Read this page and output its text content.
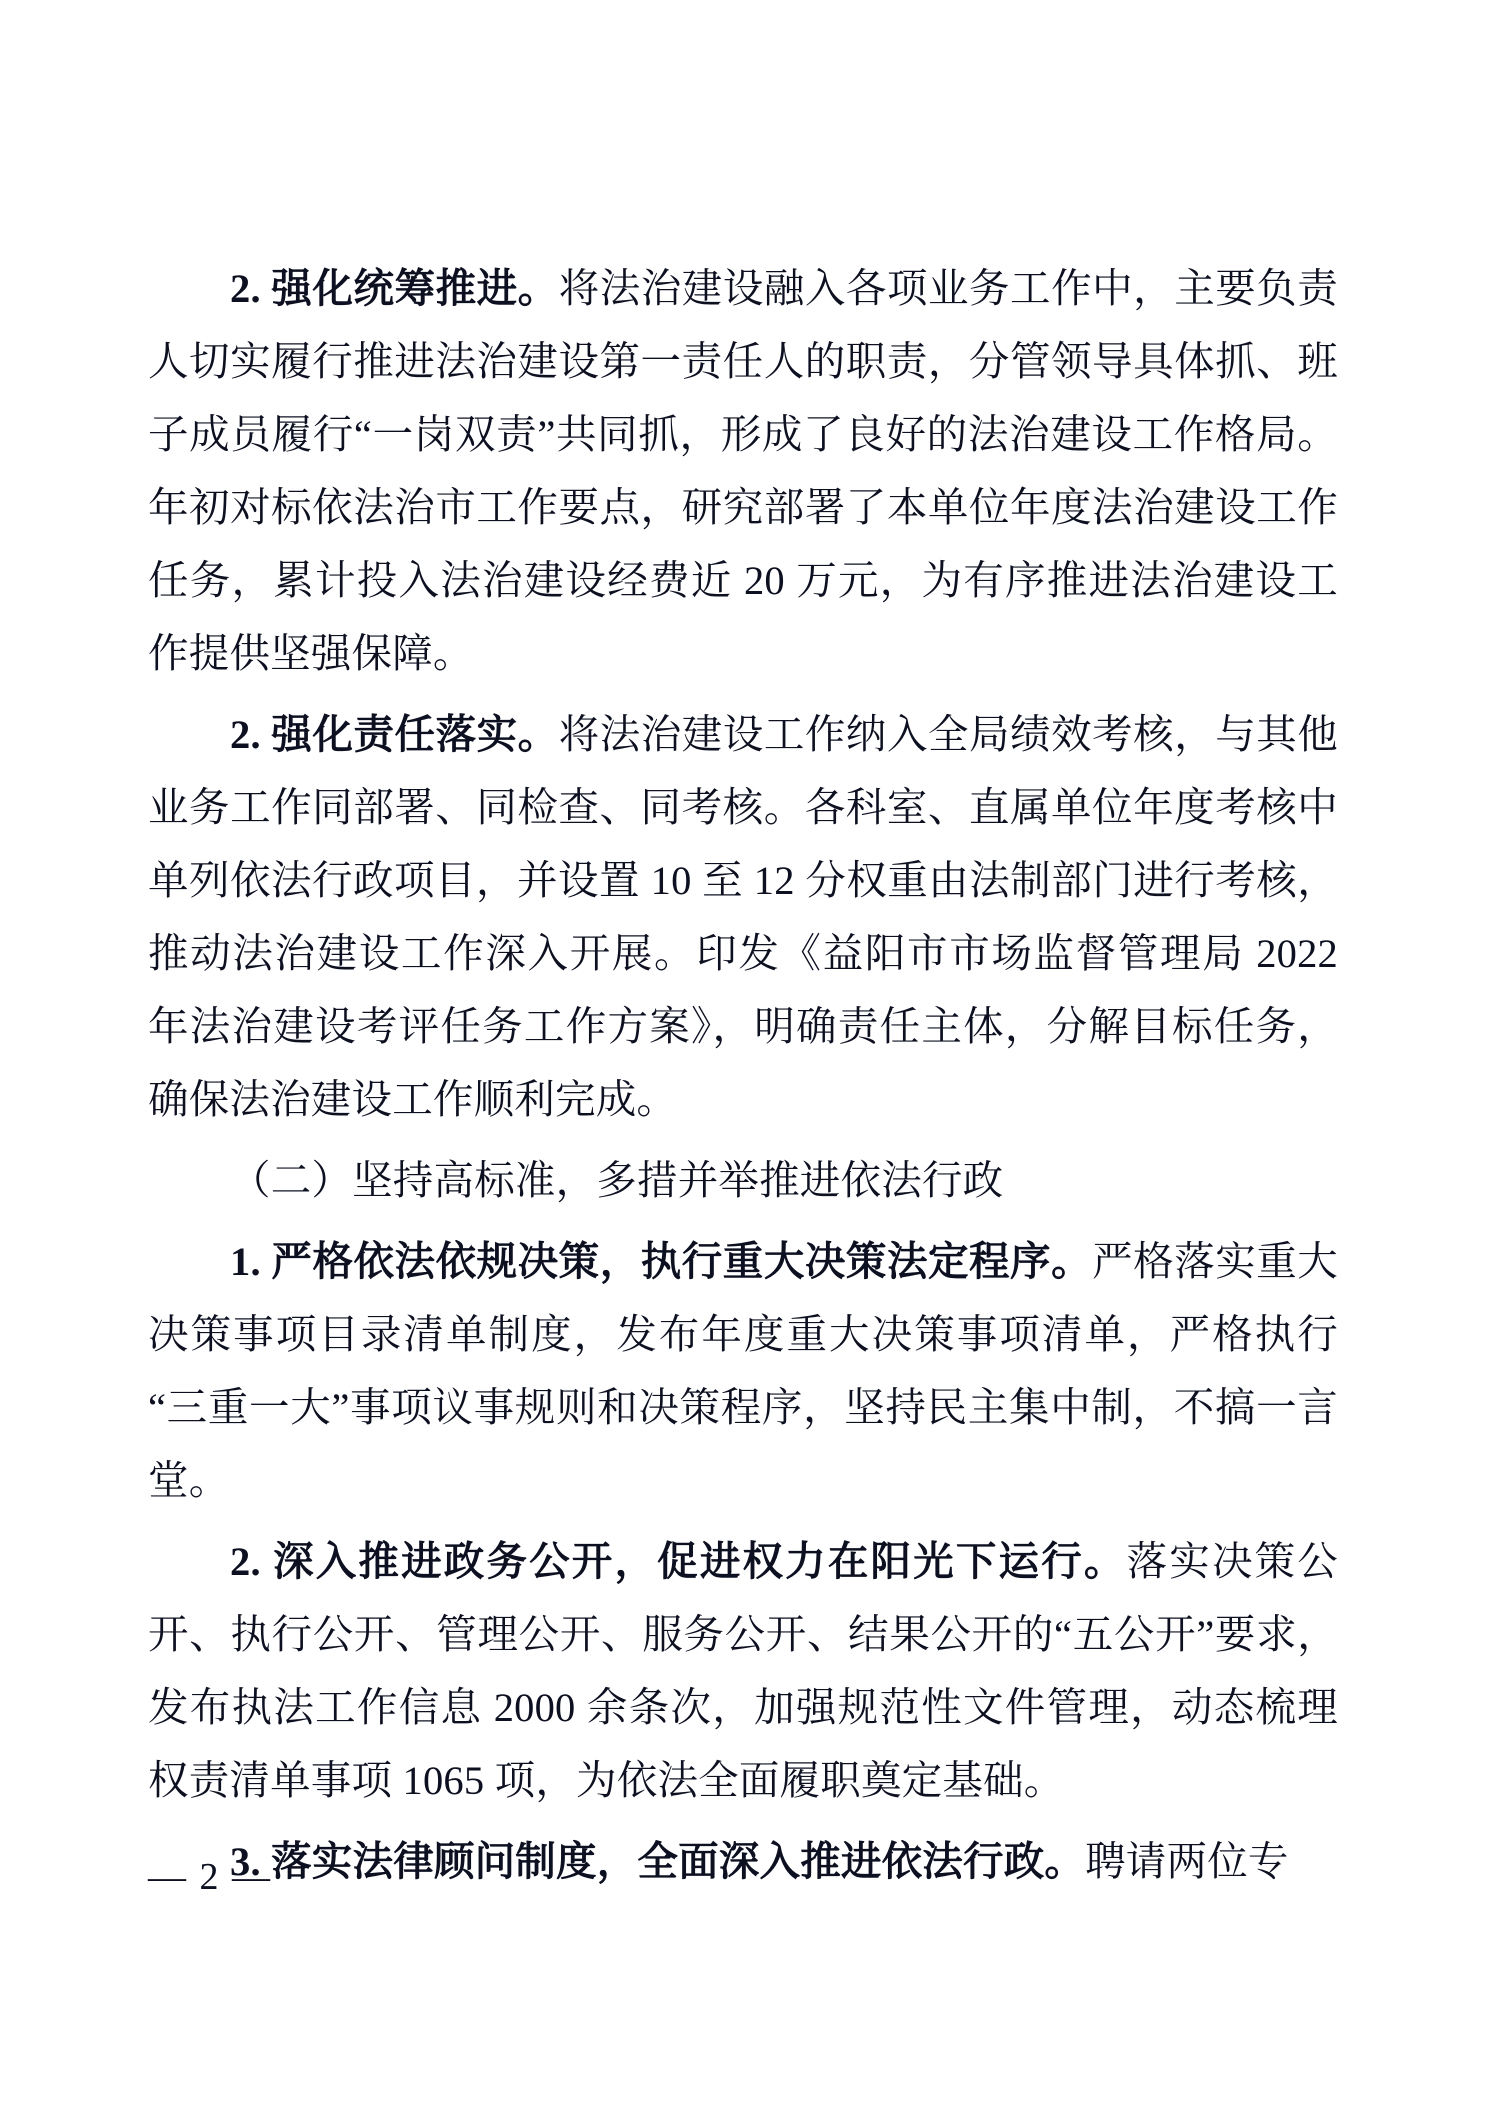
2. 强化统筹推进。将法治建设融入各项业务工作中，主要负责人切实履行推进法治建设第一责任人的职责，分管领导具体抓、班子成员履行“一岗双责”共同抓，形成了良好的法治建设工作格局。年初对标依法治市工作要点，研究部署了本单位年度法治建设工作任务，累计投入法治建设经费近 20 万元，为有序推进法治建设工作提供坚强保障。

2. 强化责任落实。将法治建设工作纳入全局绩效考核，与其他业务工作同部署、同检查、同考核。各科室、直属单位年度考核中单列依法行政项目，并设置 10 至 12 分权重由法制部门进行考核，推动法治建设工作深入开展。印发《益阳市市场监督管理局 2022 年法治建设考评任务工作方案》，明确责任主体，分解目标任务，确保法治建设工作顺利完成。

（二）坚持高标准，多措并举推进依法行政

1. 严格依法依规决策，执行重大决策法定程序。严格落实重大决策事项目录清单制度，发布年度重大决策事项清单，严格执行“三重一大”事项议事规则和决策程序，坚持民主集中制，不搞一言堂。

2. 深入推进政务公开，促进权力在阳光下运行。落实决策公开、执行公开、管理公开、服务公开、结果公开的“五公开”要求，发布执法工作信息 2000 余条次，加强规范性文件管理，动态梳理权责清单事项 1065 项，为依法全面履职奠定基础。

3. 落实法律顾问制度，全面深入推进依法行政。聘请两位专

— 2 —
